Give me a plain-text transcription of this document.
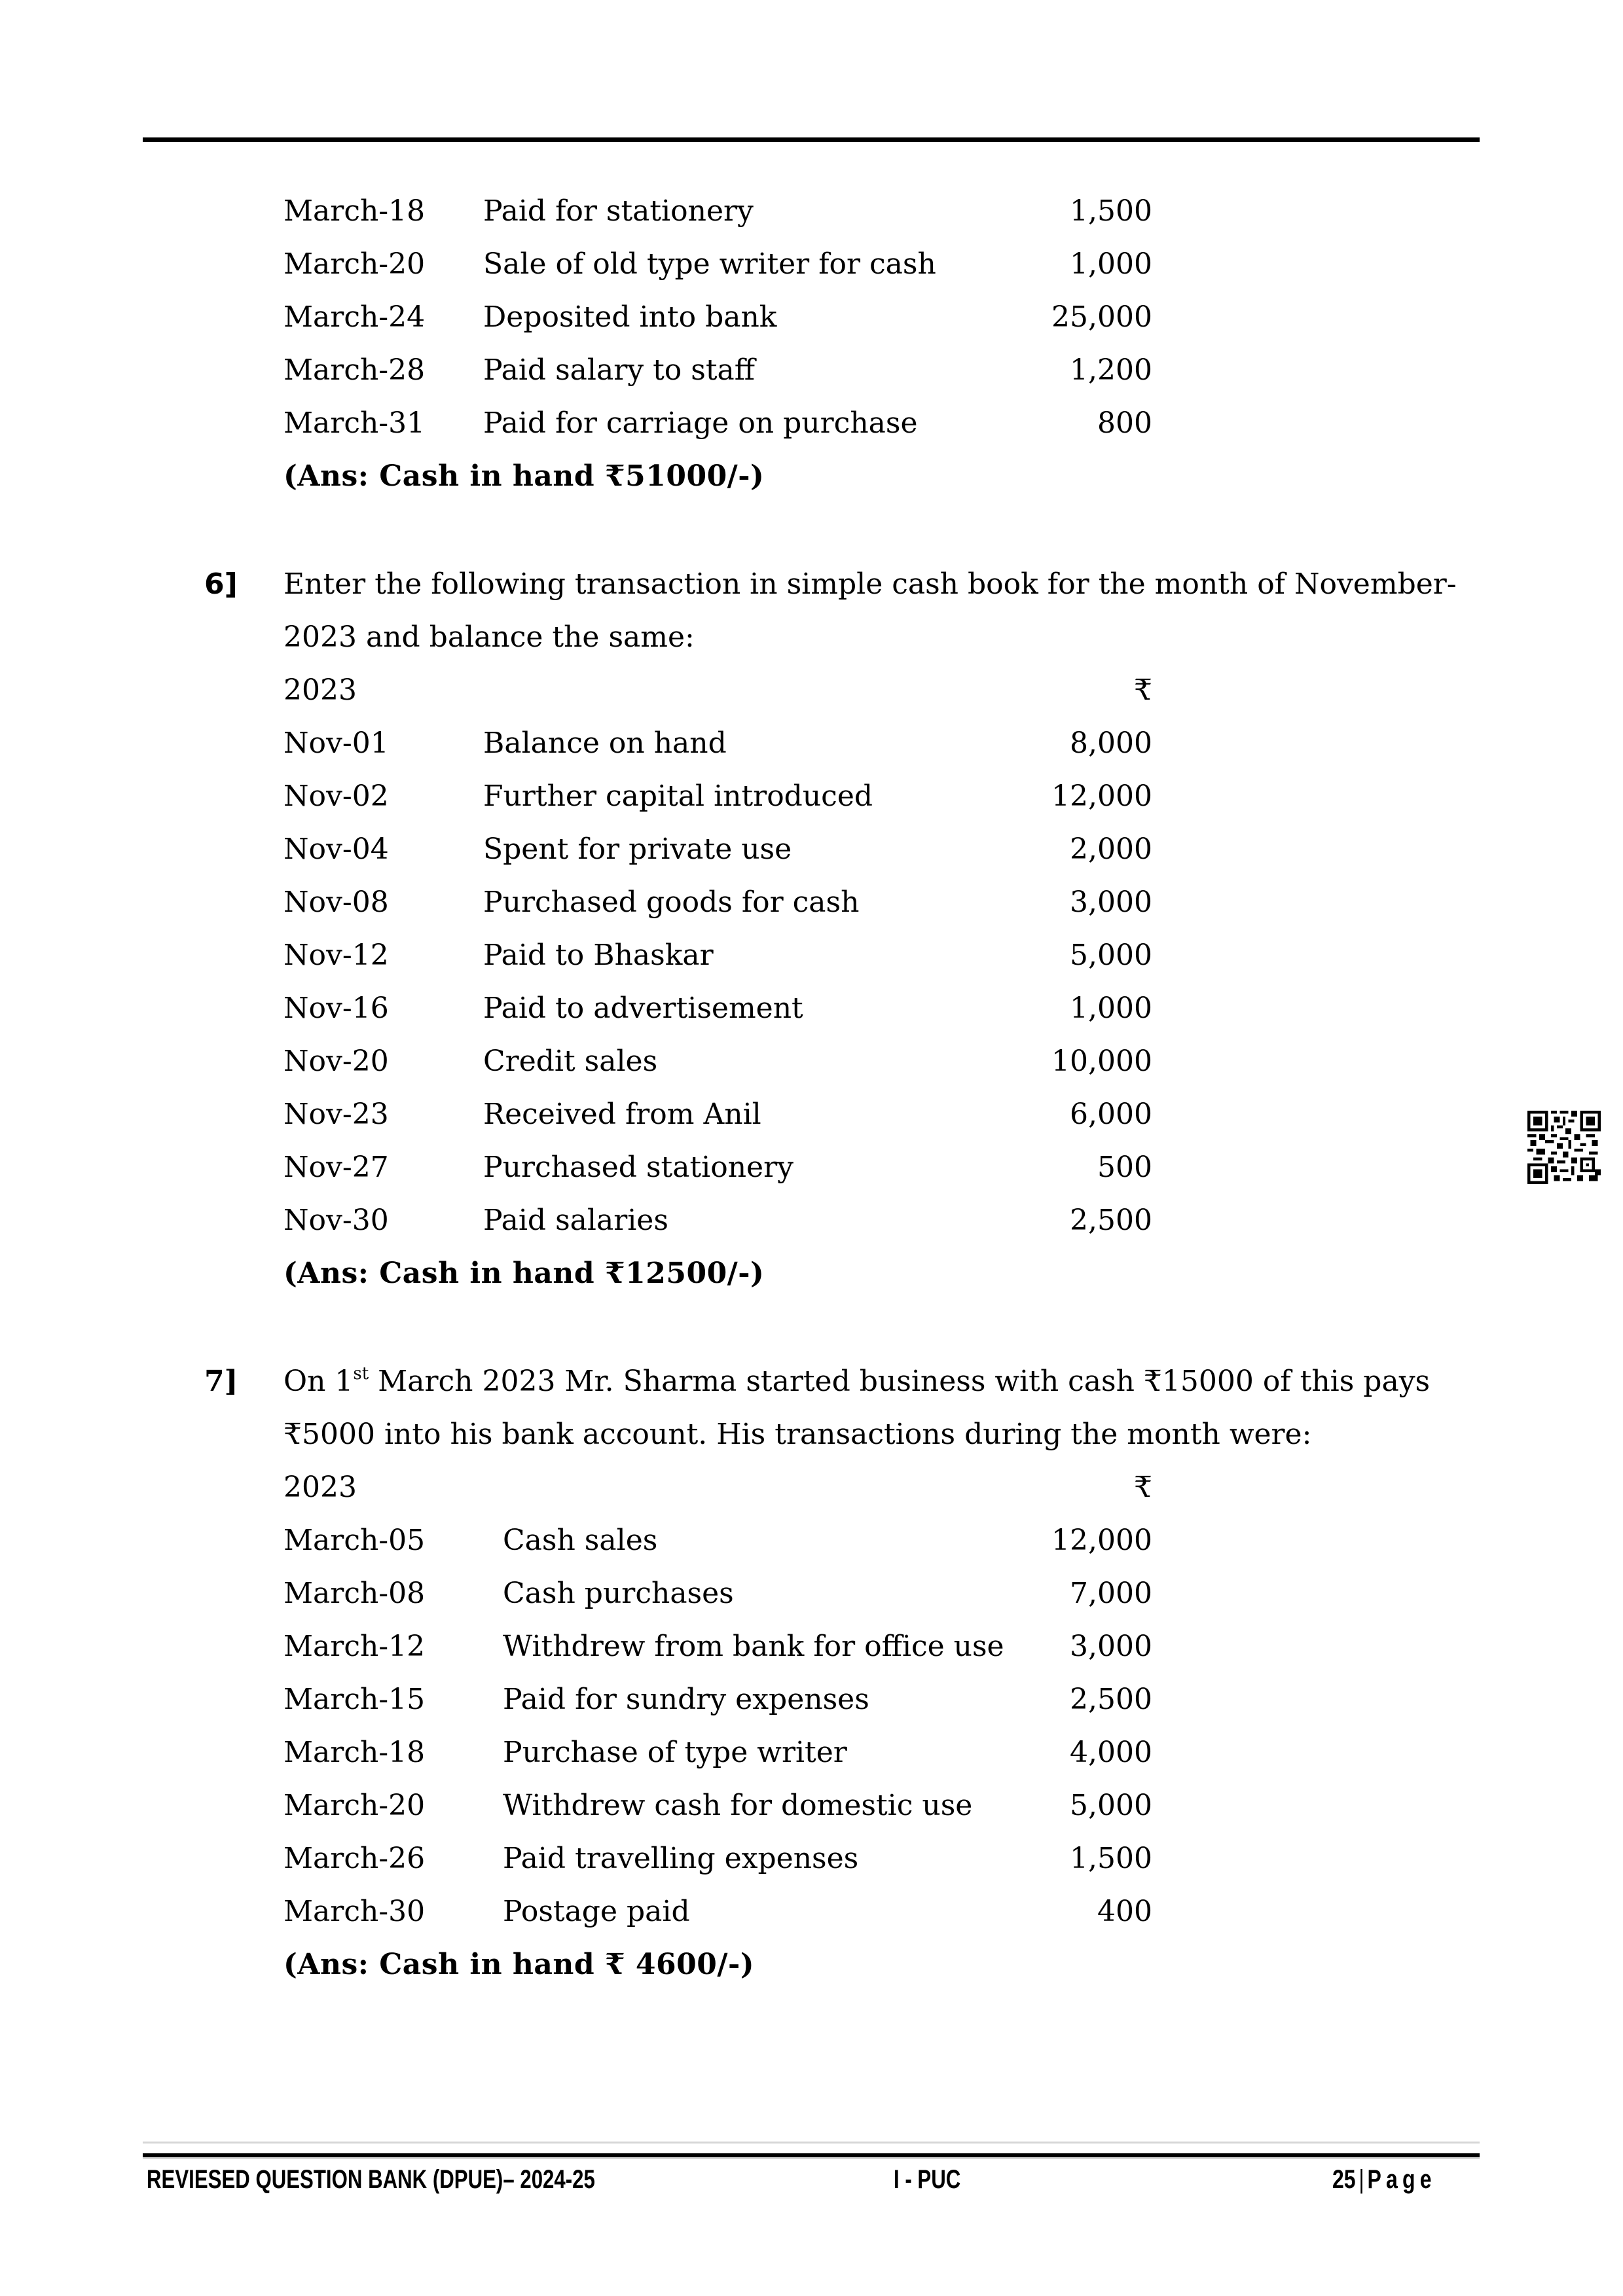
March-18 Paid for stationery	1,500
March-20 Sale of old type writer for cash	1,000
March-24 Deposited into bank	25,000
March-28 Paid salary to staff	1,200
March-31 Paid for carriage on purchase	800
(Ans: Cash in hand ₹51000/-)
6] Enter the following transaction in simple cash book for the month of November-
2023 and balance the same:
2023	₹
Nov-01	Balance on hand	8,000
Nov-02	Further capital introduced	12,000
Nov-04	Spent for private use	2,000
Nov-08	Purchased goods for cash	3,000
Nov-12	Paid to Bhaskar	5,000
Nov-16	Paid to advertisement	1,000
Nov-20	Credit sales	10,000
Nov-23	Received from Anil	6,000
Nov-27	Purchased stationery	500
Nov-30	Paid salaries	2,500
(Ans: Cash in hand ₹12500/-)
7] On 1st March 2023 Mr. Sharma started business with cash ₹15000 of this pays
₹5000 into his bank account. His transactions during the month were:
2023	₹
March-05	Cash sales	12,000
March-08	Cash purchases	7,000
March-12	Withdrew from bank for office use 3,000
March-15	Paid for sundry expenses	2,500
March-18	Purchase of type writer	4,000
March-20	Withdrew cash for domestic use	5,000
March-26	Paid travelling expenses	1,500
March-30	Postage paid	400
(Ans: Cash in hand ₹ 4600/-)
REVIESED QUESTION BANK (DPUE)– 2024-25	I - PUC	25 | Page
